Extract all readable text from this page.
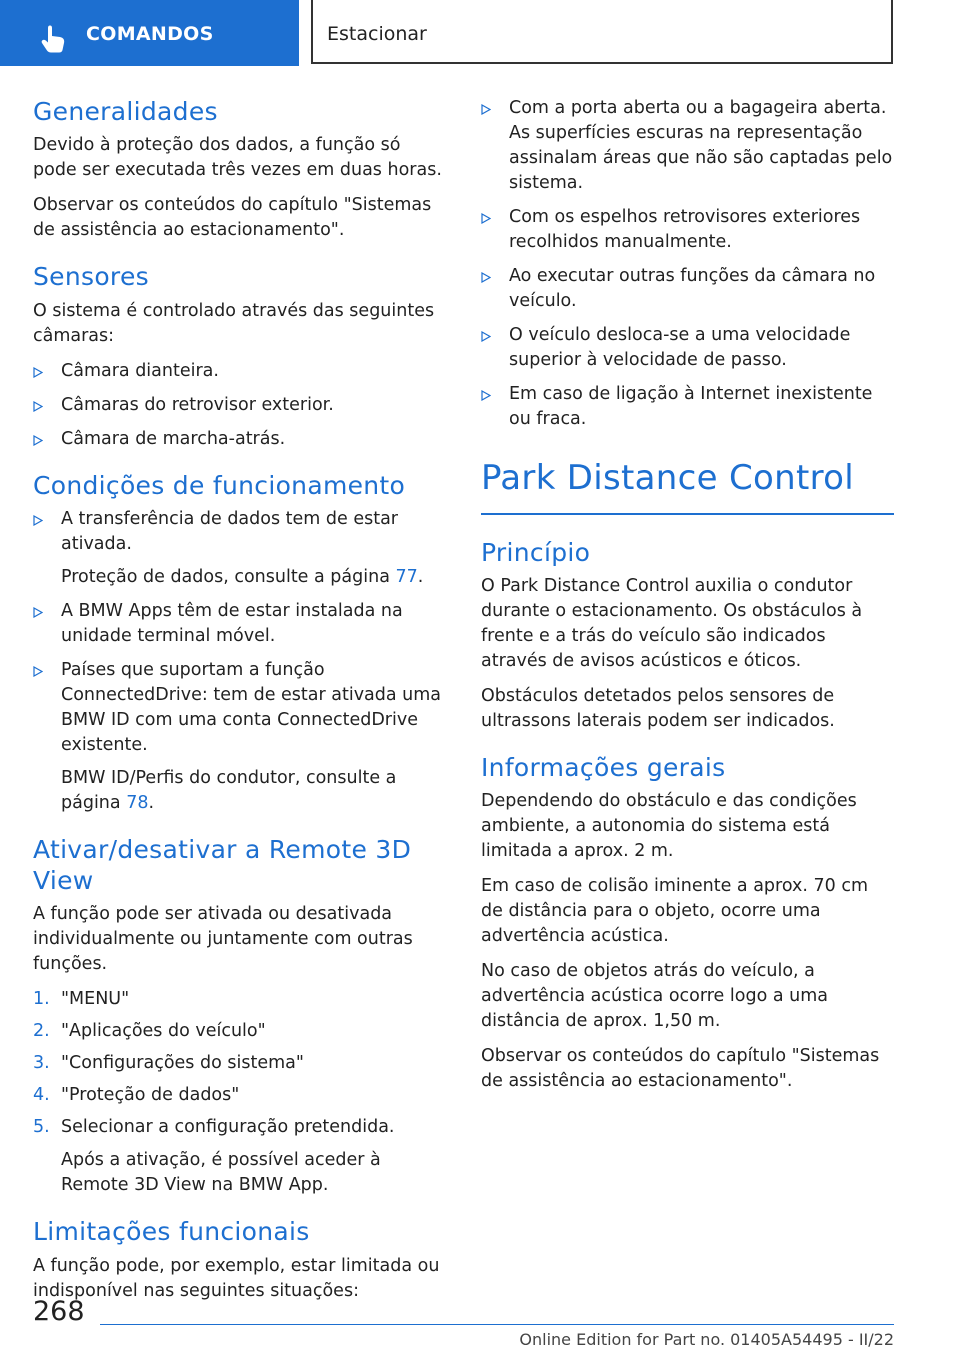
COMANDOS	Estacionar
Generalidades

Devido à proteção dos dados, a função só pode ser executada três vezes em duas horas.

Observar os conteúdos do capítulo "Sistemas de assistência ao estacionamento".

Sensores

O sistema é controlado através das seguintes câmaras:

Câmara dianteira.
Câmaras do retrovisor exterior.
Câmara de marcha-atrás.
Condições de funcionamento
A transferência de dados tem de estar ativada.
Proteção de dados, consulte a página 77.
A BMW Apps têm de estar instalada na unidade terminal móvel.
Países que suportam a função ConnectedDrive: tem de estar ativada uma BMW ID com uma conta ConnectedDrive existente.
BMW ID/Perfis do condutor, consulte a página 78.
Ativar/desativar a Remote 3D View

A função pode ser ativada ou desativada individualmente ou juntamente com outras funções.

1. "MENU"
2. "Aplicações do veículo"
3. "Configurações do sistema"
4. "Proteção de dados"
5. Selecionar a configuração pretendida.
Após a ativação, é possível aceder à Remote 3D View na BMW App.
Limitações funcionais

A função pode, por exemplo, estar limitada ou indisponível nas seguintes situações:

Com a porta aberta ou a bagageira aberta. As superfícies escuras na representação assinalam áreas que não são captadas pelo sistema.
Com os espelhos retrovisores exteriores recolhidos manualmente.
Ao executar outras funções da câmara no veículo.
O veículo desloca-se a uma velocidade superior à velocidade de passo.
Em caso de ligação à Internet inexistente ou fraca.
Park Distance Control
Princípio

O Park Distance Control auxilia o condutor durante o estacionamento. Os obstáculos à frente e a trás do veículo são indicados através de avisos acústicos e óticos.

Obstáculos detetados pelos sensores de ultrassons laterais podem ser indicados.

Informações gerais

Dependendo do obstáculo e das condições ambiente, a autonomia do sistema está limitada a aprox. 2 m.

Em caso de colisão iminente a aprox. 70 cm de distância para o objeto, ocorre uma advertência acústica.

No caso de objetos atrás do veículo, a advertência acústica ocorre logo a uma distância de aprox. 1,50 m.

Observar os conteúdos do capítulo "Sistemas de assistência ao estacionamento".

268
Online Edition for Part no. 01405A54495 - II/22
